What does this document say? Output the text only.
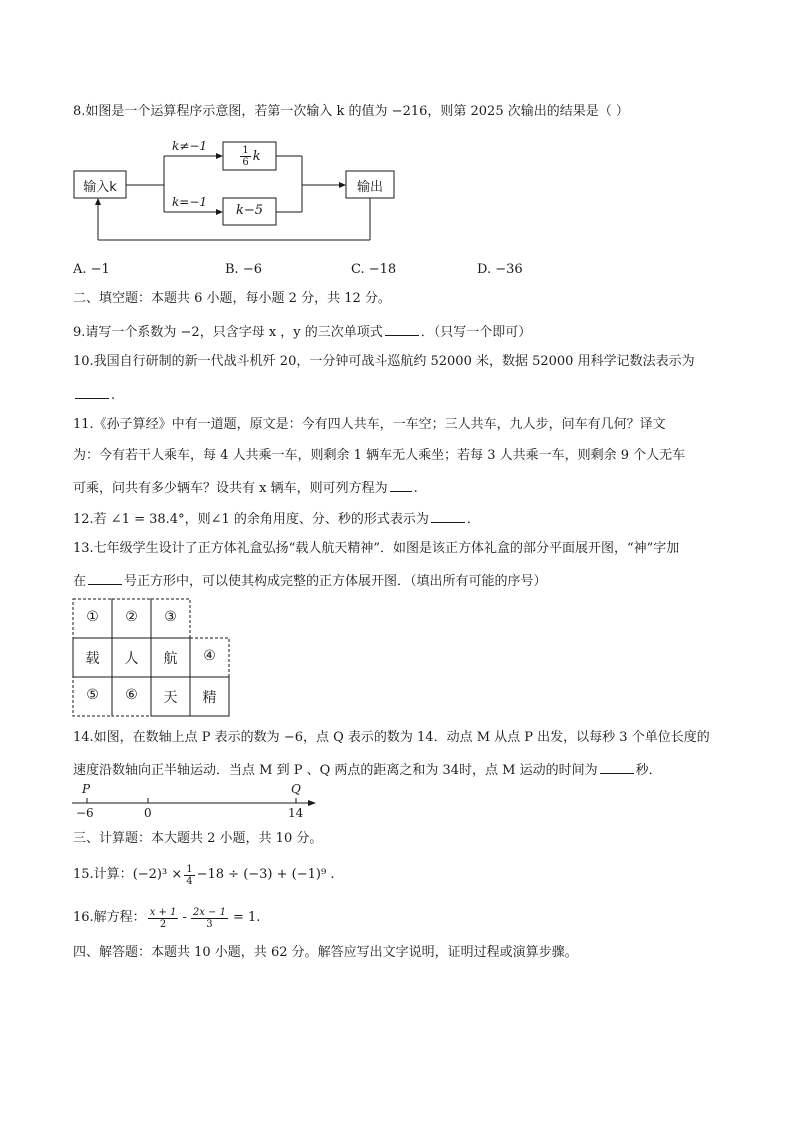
8.如图是一个运算程序示意图，若第一次输入 k 的值为 −216，则第 2025 次输出的结果是（ ）
输入k	输出
k≠−1
k=−1
$\frac{1}{6}$ k
k−5
A. −1	B. −6	C. −18	D. −36
二、填空题：本题共 6 小题，每小题 2 分，共 12 分。
9.请写一个系数为 −2，只含字母 x ，y 的三次单项式	．（只写一个即可）
10.我国自行研制的新一代战斗机歼 20，一分钟可战斗巡航约 52000 米，数据 52000 用科学记数法表示为
.
11.《孙子算经》中有一道题，原文是：今有四人共车，一车空；三人共车，九人步，问车有几何？译文
为：今有若干人乘车，每 4 人共乘一车，则剩余 1 辆车无人乘坐；若每 3 人共乘一车，则剩余 9 个人无车
可乘，问共有多少辆车？设共有 x 辆车，则可列方程为 .
12.若 ∠1 = 38.4°，则∠1 的余角用度、分、秒的形式表示为	．
13.七年级学生设计了正方体礼盒弘扬“载人航天精神”．如图是该正方体礼盒的部分平面展开图，“神”字加
在	号正方形中，可以使其构成完整的正方体展开图．（填出所有可能的序号）
①	②	③
载	人	航	④
⑤	⑥	天	精
14.如图，在数轴上点 P 表示的数为 −6，点 Q 表示的数为 14．动点 M 从点 P 出发，以每秒 3 个单位长度的
速度沿数轴向正半轴运动．当点 M 到 P 、Q 两点的距离之和为 34时，点 M 运动的时间为	秒．
P	Q
−6	0	14
三、计算题：本大题共 2 小题，共 10 分。
15.计算： $(-2)^3 \times \frac{1}{4} -18 \div (-3) + (-1)^9$ .
16.解方程： $\frac{x + 1}{2} - \frac{2x - 1}{3} = 1$.
四、解答题：本题共 10 小题，共 62 分。解答应写出文字说明，证明过程或演算步骤。
